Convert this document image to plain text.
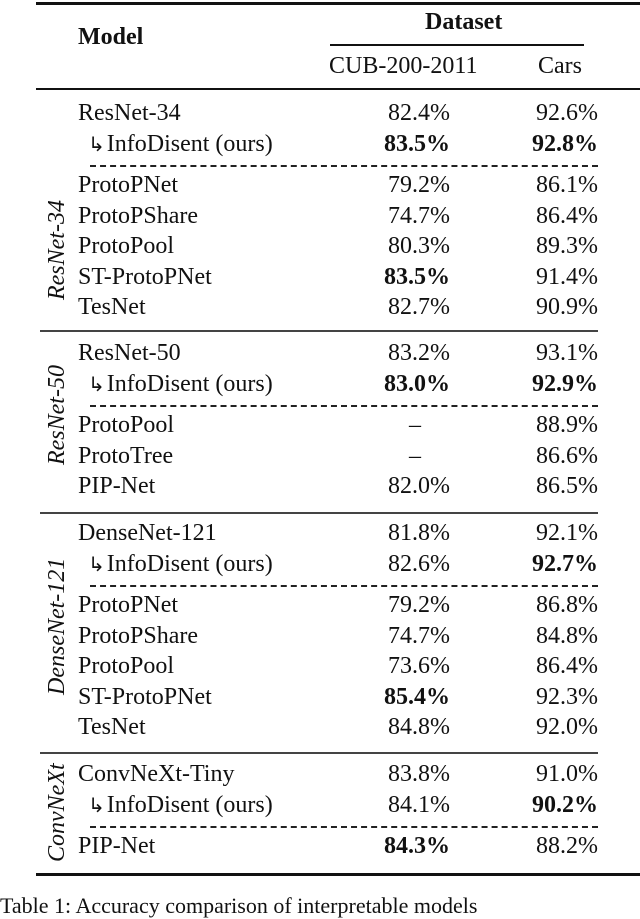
Model
Dataset
CUB-200-2011	Cars
ResNet-34
ResNet-34	82.4%	92.6%
↳InfoDisent (ours)	83.5%	92.8%
ProtoPNet	79.2%	86.1%
ProtoPShare	74.7%	86.4%
ProtoPool	80.3%	89.3%
ST-ProtoPNet	83.5%	91.4%
TesNet	82.7%	90.9%
ResNet-50
ResNet-50	83.2%	93.1%
↳InfoDisent (ours)	83.0%	92.9%
ProtoPool	–	88.9%
ProtoTree	–	86.6%
PIP-Net	82.0%	86.5%
DenseNet-121
DenseNet-121	81.8%	92.1%
↳InfoDisent (ours)	82.6%	92.7%
ProtoPNet	79.2%	86.8%
ProtoPShare	74.7%	84.8%
ProtoPool	73.6%	86.4%
ST-ProtoPNet	85.4%	92.3%
TesNet	84.8%	92.0%
ConvNeXt ConvNeXt-Tiny	83.8%	91.0%
↳InfoDisent (ours)	84.1%	90.2%
PIP-Net	84.3%	88.2%
Table 1: Accuracy comparison of interpretable models
